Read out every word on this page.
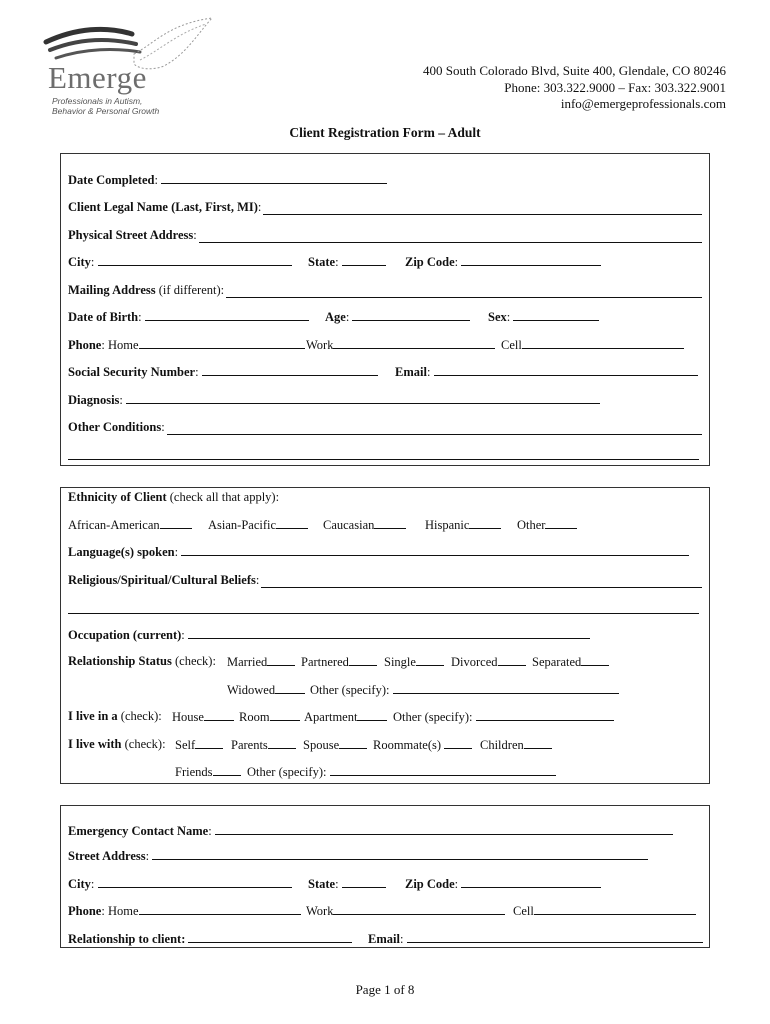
Emerge
Professionals in Autism,
Behavior & Personal Growth
400 South Colorado Blvd, Suite 400, Glendale, CO 80246
Phone: 303.322.9000 – Fax: 303.322.9001
info@emergeprofessionals.com
Client Registration Form – Adult
Date Completed:
Client Legal Name (Last, First, MI) :
Physical Street Address :
City:	State:	Zip Code:
Mailing Address
(if different):
Date of Birth:	Age:	Sex:
Phone: Home	Work	Cell
Social Security Number:	Email:
Diagnosis:
Other Conditions :
Ethnicity of Client (check all that apply):
African-American	Asian-Pacific	Caucasian	Hispanic	Other
Language(s) spoken:
Religious/Spiritual/Cultural Beliefs :
Occupation (current):
Relationship Status (check): Married	Partnered	Single	Divorced	Separated
Widowed	Other (specify):
I live in a (check): House	Room	Apartment	Other (specify):
I live with (check): Self	Parents	Spouse	Roommate(s)	Children
Friends	Other (specify):
Emergency Contact Name:
Street Address:
City:	State:	Zip Code:
Phone: Home	Work	Cell
Relationship to client:	Email:
Page 1 of 8
